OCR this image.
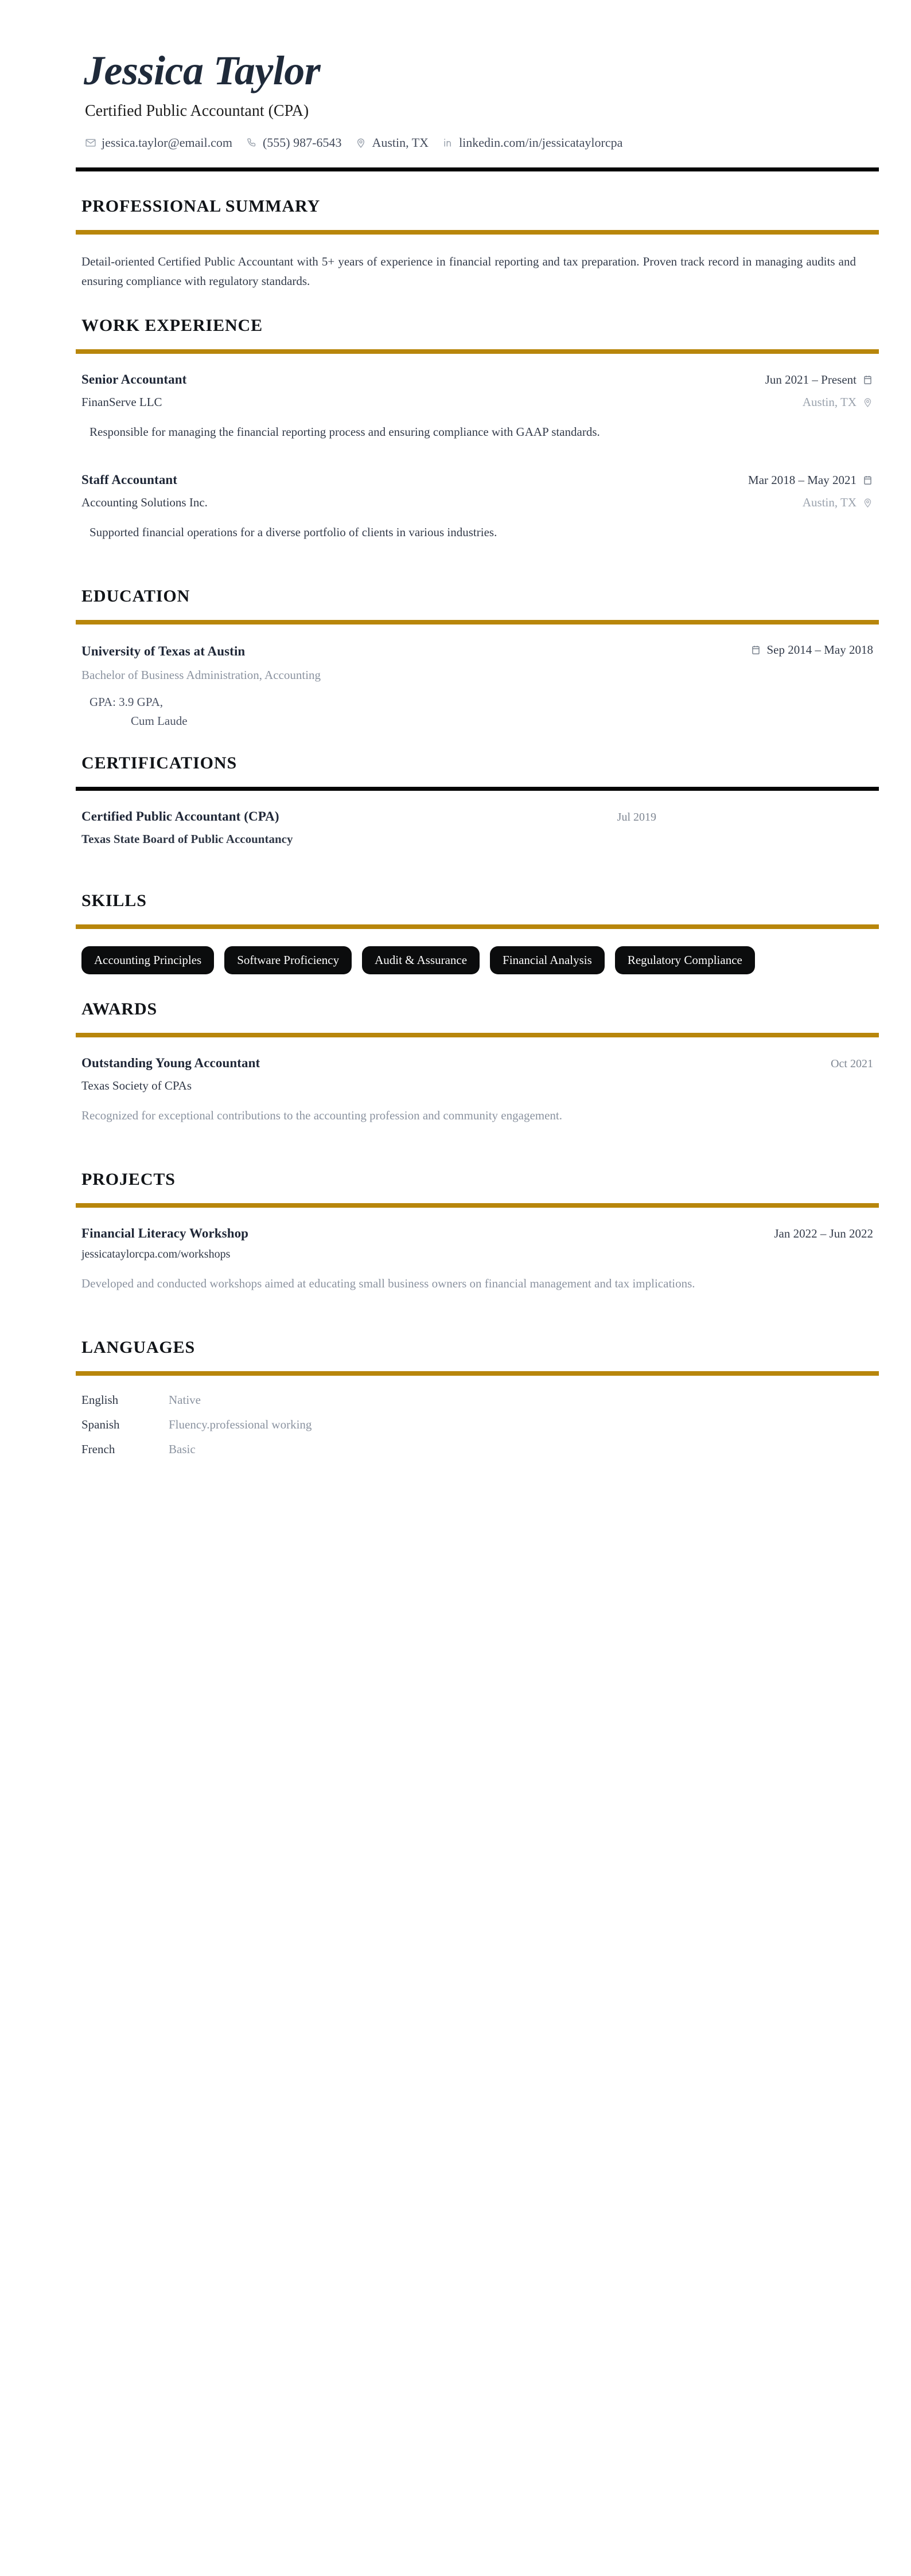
Jessica Taylor
Certified Public Accountant (CPA)
jessica.taylor@email.com (555) 987-6543 Austin, TX linkedin.com/in/jessicataylorcpa
PROFESSIONAL SUMMARY
Detail-oriented Certified Public Accountant with 5+ years of experience in financial reporting and tax preparation. Proven track record in managing audits and ensuring compliance with regulatory standards.
WORK EXPERIENCE
Senior Accountant	Jun 2021 – Present
FinanServe LLC	Austin, TX
Responsible for managing the financial reporting process and ensuring compliance with GAAP standards.
Staff Accountant	Mar 2018 – May 2021
Accounting Solutions Inc.	Austin, TX
Supported financial operations for a diverse portfolio of clients in various industries.
EDUCATION
University of Texas at Austin	Sep 2014 – May 2018
Bachelor of Business Administration, Accounting
GPA: 3.9 GPA,
Cum Laude
CERTIFICATIONS
Certified Public Accountant (CPA)	Jul 2019
Texas State Board of Public Accountancy
SKILLS
Accounting Principles	Software Proficiency	Audit & Assurance	Financial Analysis	Regulatory Compliance
AWARDS
Outstanding Young Accountant	Oct 2021
Texas Society of CPAs
Recognized for exceptional contributions to the accounting profession and community engagement.
PROJECTS
Financial Literacy Workshop	Jan 2022 – Jun 2022
jessicataylorcpa.com/workshops
Developed and conducted workshops aimed at educating small business owners on financial management and tax implications.
LANGUAGES
English	Native
Spanish	Fluency.professional working
French	Basic
